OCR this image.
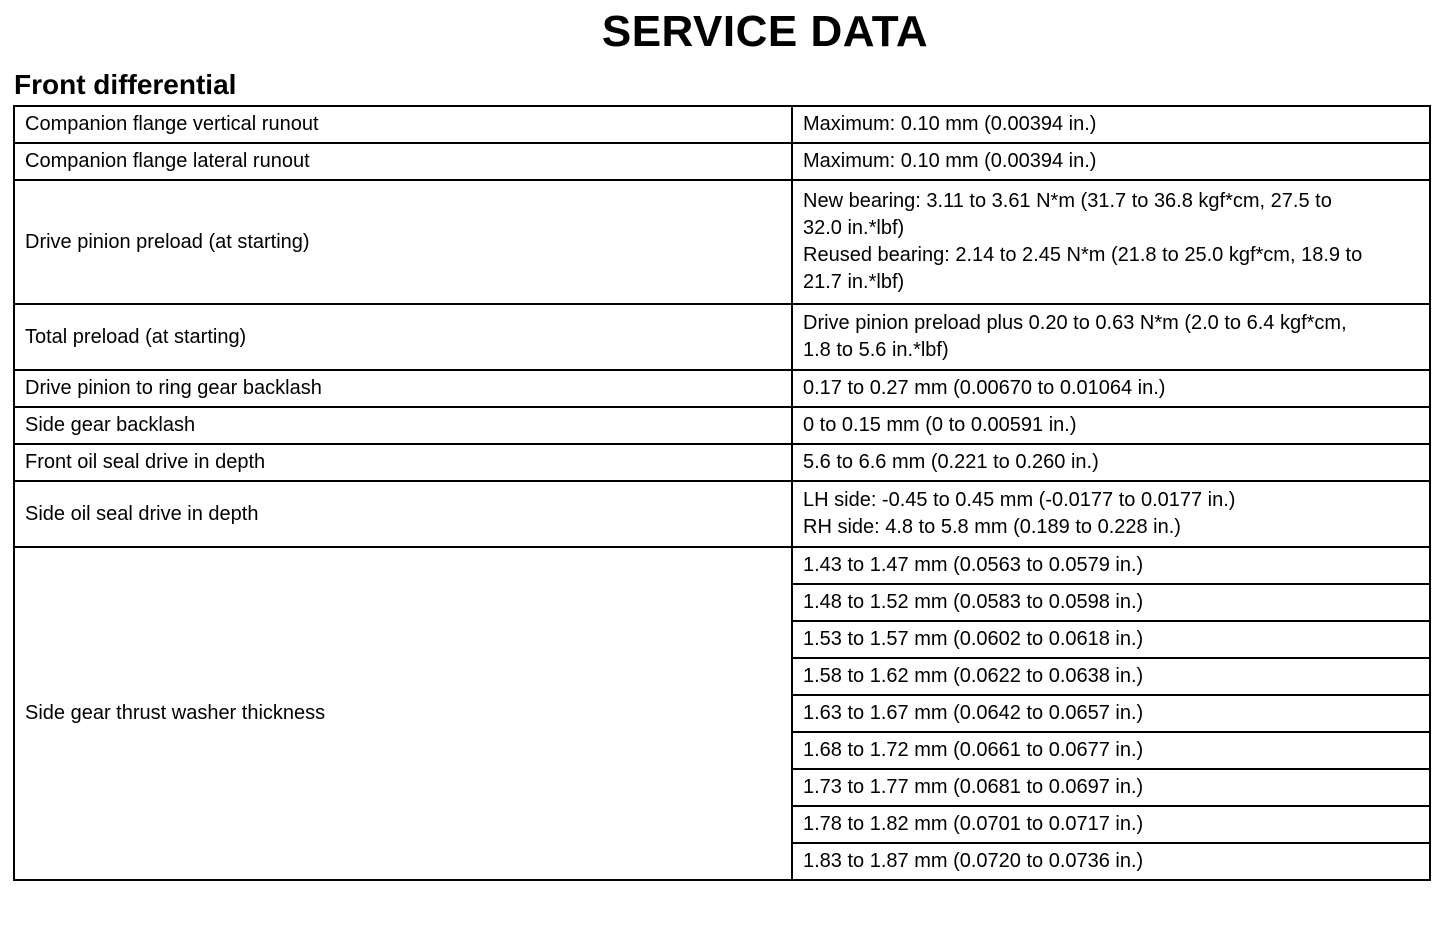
SERVICE DATA
Front differential
Companion flange vertical runout	Maximum: 0.10 mm (0.00394 in.)
Companion flange lateral runout	Maximum: 0.10 mm (0.00394 in.)
Drive pinion preload (at starting)	New bearing: 3.11 to 3.61 N*m (31.7 to 36.8 kgf*cm, 27.5 to
32.0 in.*lbf)
Reused bearing: 2.14 to 2.45 N*m (21.8 to 25.0 kgf*cm, 18.9 to
21.7 in.*lbf)

Total preload (at starting)	Drive pinion preload plus 0.20 to 0.63 N*m (2.0 to 6.4 kgf*cm,
1.8 to 5.6 in.*lbf)

Drive pinion to ring gear backlash	0.17 to 0.27 mm (0.00670 to 0.01064 in.)
Side gear backlash	0 to 0.15 mm (0 to 0.00591 in.)
Front oil seal drive in depth	5.6 to 6.6 mm (0.221 to 0.260 in.)
Side oil seal drive in depth	LH side: -0.45 to 0.45 mm (-0.0177 to 0.0177 in.)
RH side: 4.8 to 5.8 mm (0.189 to 0.228 in.)

Side gear thrust washer thickness	1.43 to 1.47 mm (0.0563 to 0.0579 in.)
	1.48 to 1.52 mm (0.0583 to 0.0598 in.)
	1.53 to 1.57 mm (0.0602 to 0.0618 in.)
	1.58 to 1.62 mm (0.0622 to 0.0638 in.)
	1.63 to 1.67 mm (0.0642 to 0.0657 in.)
	1.68 to 1.72 mm (0.0661 to 0.0677 in.)
	1.73 to 1.77 mm (0.0681 to 0.0697 in.)
	1.78 to 1.82 mm (0.0701 to 0.0717 in.)
	1.83 to 1.87 mm (0.0720 to 0.0736 in.)
